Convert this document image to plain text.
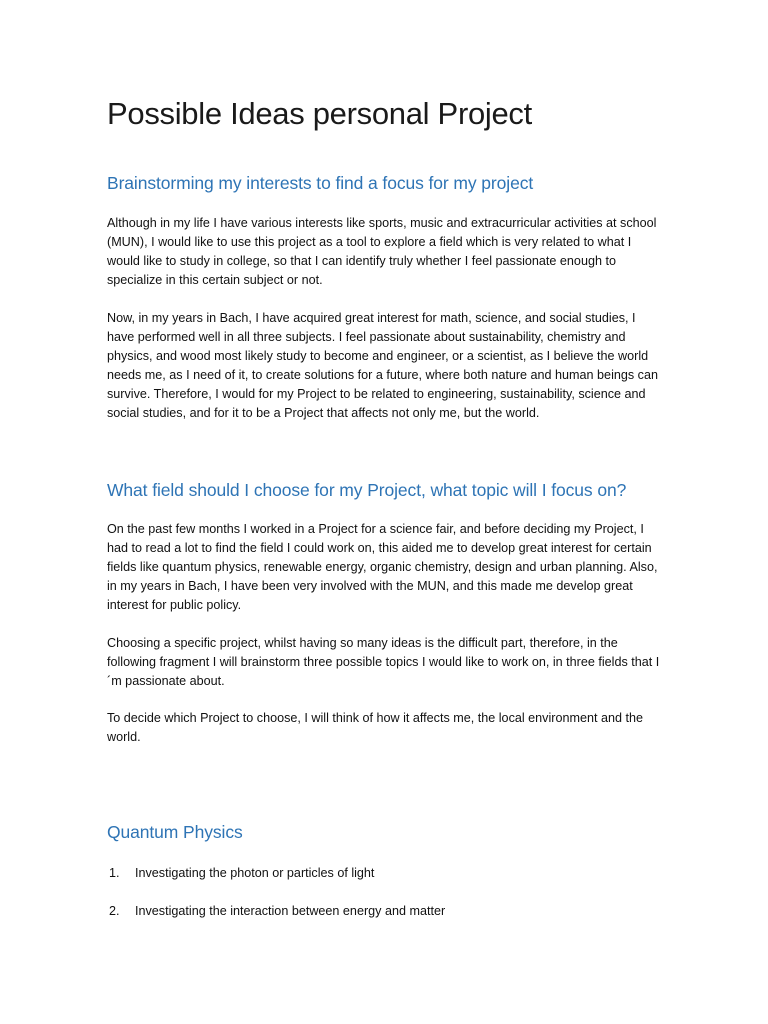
Possible Ideas personal Project
Brainstorming my interests to find a focus for my project

Although in my life I have various interests like sports, music and extracurricular activities at school (MUN), I would like to use this project as a tool to explore a field which is very related to what I would like to study in college, so that I can identify truly whether I feel passionate enough to specialize in this certain subject or not.

Now, in my years in Bach, I have acquired great interest for math, science, and social studies, I have performed well in all three subjects. I feel passionate about sustainability, chemistry and physics, and wood most likely study to become and engineer, or a scientist, as I believe the world needs me, as I need of it, to create solutions for a future, where both nature and human beings can survive. Therefore, I would for my Project to be related to engineering, sustainability, science and social studies, and for it to be a Project that affects not only me, but the world.

What field should I choose for my Project, what topic will I focus on?

On the past few months I worked in a Project for a science fair, and before deciding my Project, I had to read a lot to find the field I could work on, this aided me to develop great interest for certain fields like quantum physics, renewable energy, organic chemistry, design and urban planning. Also, in my years in Bach, I have been very involved with the MUN, and this made me develop great interest for public policy.

Choosing a specific project, whilst having so many ideas is the difficult part, therefore, in the following fragment I will brainstorm three possible topics I would like to work on, in three fields that I´m passionate about.

To decide which Project to choose, I will think of how it affects me, the local environment and the world.

Quantum Physics
1. Investigating the photon or particles of light
2. Investigating the interaction between energy and matter
